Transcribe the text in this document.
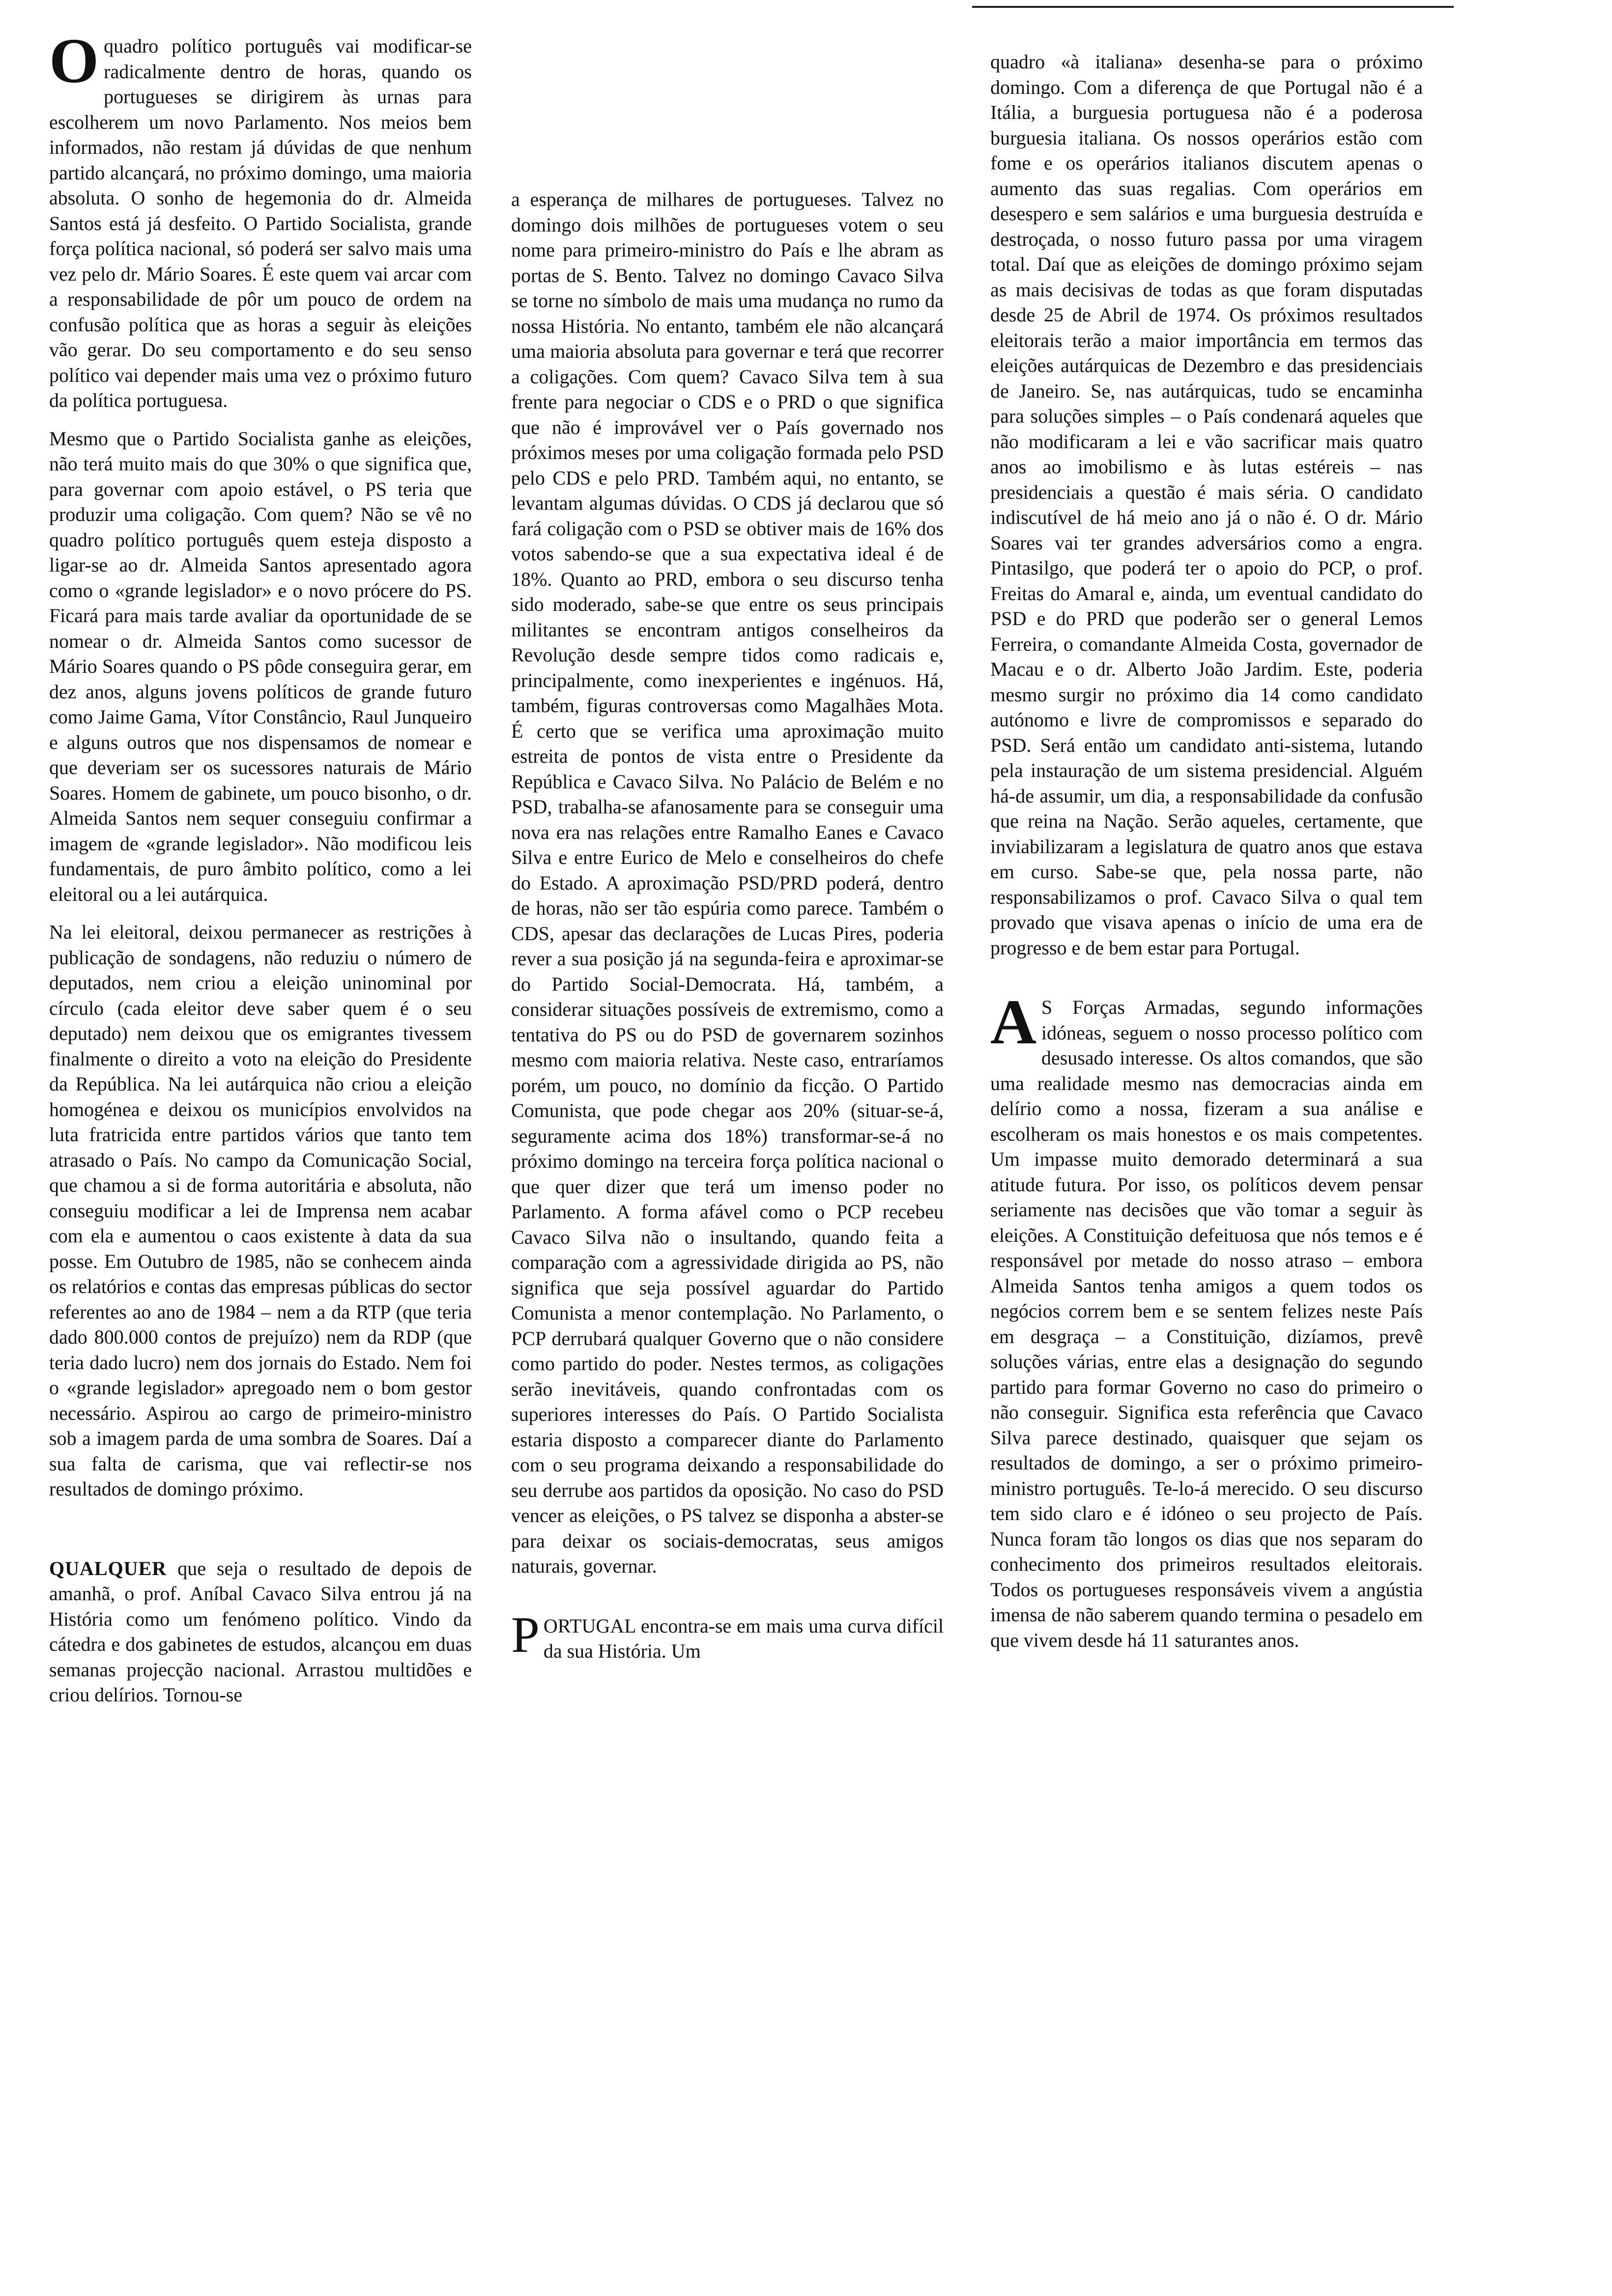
O quadro político português vai modificar-se radicalmente dentro de horas, quando os portugueses se dirigirem às urnas para escolherem um novo Parlamento. Nos meios bem informados, não restam já dúvidas de que nenhum partido alcançará, no próximo domingo, uma maioria absoluta. O sonho de hegemonia do dr. Almeida Santos está já desfeito. O Partido Socialista, grande força política nacional, só poderá ser salvo mais uma vez pelo dr. Mário Soares. É este quem vai arcar com a responsabilidade de pôr um pouco de ordem na confusão política que as horas a seguir às eleições vão gerar. Do seu comportamento e do seu senso político vai depender mais uma vez o próximo futuro da política portuguesa.

Mesmo que o Partido Socialista ganhe as eleições, não terá muito mais do que 30% o que significa que, para governar com apoio estável, o PS teria que produzir uma coligação. Com quem? Não se vê no quadro político português quem esteja disposto a ligar-se ao dr. Almeida Santos apresentado agora como o «grande legislador» e o novo prócere do PS. Ficará para mais tarde avaliar da oportunidade de se nomear o dr. Almeida Santos como sucessor de Mário Soares quando o PS pôde conseguira gerar, em dez anos, alguns jovens políticos de grande futuro como Jaime Gama, Vítor Constâncio, Raul Junqueiro e alguns outros que nos dispensamos de nomear e que deveriam ser os sucessores naturais de Mário Soares. Homem de gabinete, um pouco bisonho, o dr. Almeida Santos nem sequer conseguiu confirmar a imagem de «grande legislador». Não modificou leis fundamentais, de puro âmbito político, como a lei eleitoral ou a lei autárquica.

Na lei eleitoral, deixou permanecer as restrições à publicação de sondagens, não reduziu o número de deputados, nem criou a eleição uninominal por círculo (cada eleitor deve saber quem é o seu deputado) nem deixou que os emigrantes tivessem finalmente o direito a voto na eleição do Presidente da República. Na lei autárquica não criou a eleição homogénea e deixou os municípios envolvidos na luta fratricida entre partidos vários que tanto tem atrasado o País. No campo da Comunicação Social, que chamou a si de forma autoritária e absoluta, não conseguiu modificar a lei de Imprensa nem acabar com ela e aumentou o caos existente à data da sua posse. Em Outubro de 1985, não se conhecem ainda os relatórios e contas das empresas públicas do sector referentes ao ano de 1984 – nem a da RTP (que teria dado 800.000 contos de prejuízo) nem da RDP (que teria dado lucro) nem dos jornais do Estado. Nem foi o «grande legislador» apregoado nem o bom gestor necessário. Aspirou ao cargo de primeiro-ministro sob a imagem parda de uma sombra de Soares. Daí a sua falta de carisma, que vai reflectir-se nos resultados de domingo próximo.

QUALQUER que seja o resultado de depois de amanhã, o prof. Aníbal Cavaco Silva entrou já na História como um fenómeno político. Vindo da cátedra e dos gabinetes de estudos, alcançou em duas semanas projecção nacional. Arrastou multidões e criou delírios. Tornou-se

a esperança de milhares de portugueses. Talvez no domingo dois milhões de portugueses votem o seu nome para primeiro-ministro do País e lhe abram as portas de S. Bento. Talvez no domingo Cavaco Silva se torne no símbolo de mais uma mudança no rumo da nossa História. No entanto, também ele não alcançará uma maioria absoluta para governar e terá que recorrer a coligações. Com quem? Cavaco Silva tem à sua frente para negociar o CDS e o PRD o que significa que não é improvável ver o País governado nos próximos meses por uma coligação formada pelo PSD pelo CDS e pelo PRD. Também aqui, no entanto, se levantam algumas dúvidas. O CDS já declarou que só fará coligação com o PSD se obtiver mais de 16% dos votos sabendo-se que a sua expectativa ideal é de 18%. Quanto ao PRD, embora o seu discurso tenha sido moderado, sabe-se que entre os seus principais militantes se encontram antigos conselheiros da Revolução desde sempre tidos como radicais e, principalmente, como inexperientes e ingénuos. Há, também, figuras controversas como Magalhães Mota. É certo que se verifica uma aproximação muito estreita de pontos de vista entre o Presidente da República e Cavaco Silva. No Palácio de Belém e no PSD, trabalha-se afanosamente para se conseguir uma nova era nas relações entre Ramalho Eanes e Cavaco Silva e entre Eurico de Melo e conselheiros do chefe do Estado. A aproximação PSD/PRD poderá, dentro de horas, não ser tão espúria como parece. Também o CDS, apesar das declarações de Lucas Pires, poderia rever a sua posição já na segunda-feira e aproximar-se do Partido Social-Democrata. Há, também, a considerar situações possíveis de extremismo, como a tentativa do PS ou do PSD de governarem sozinhos mesmo com maioria relativa. Neste caso, entraríamos porém, um pouco, no domínio da ficção. O Partido Comunista, que pode chegar aos 20% (situar-se-á, seguramente acima dos 18%) transformar-se-á no próximo domingo na terceira força política nacional o que quer dizer que terá um imenso poder no Parlamento. A forma afável como o PCP recebeu Cavaco Silva não o insultando, quando feita a comparação com a agressividade dirigida ao PS, não significa que seja possível aguardar do Partido Comunista a menor contemplação. No Parlamento, o PCP derrubará qualquer Governo que o não considere como partido do poder. Nestes termos, as coligações serão inevitáveis, quando confrontadas com os superiores interesses do País. O Partido Socialista estaria disposto a comparecer diante do Parlamento com o seu programa deixando a responsabilidade do seu derrube aos partidos da oposição. No caso do PSD vencer as eleições, o PS talvez se disponha a abster-se para deixar os sociais-democratas, seus amigos naturais, governar.

P ORTUGAL encontra-se em mais uma curva difícil da sua História. Um

quadro «à italiana» desenha-se para o próximo domingo. Com a diferença de que Portugal não é a Itália, a burguesia portuguesa não é a poderosa burguesia italiana. Os nossos operários estão com fome e os operários italianos discutem apenas o aumento das suas regalias. Com operários em desespero e sem salários e uma burguesia destruída e destroçada, o nosso futuro passa por uma viragem total. Daí que as eleições de domingo próximo sejam as mais decisivas de todas as que foram disputadas desde 25 de Abril de 1974. Os próximos resultados eleitorais terão a maior importância em termos das eleições autárquicas de Dezembro e das presidenciais de Janeiro. Se, nas autárquicas, tudo se encaminha para soluções simples – o País condenará aqueles que não modificaram a lei e vão sacrificar mais quatro anos ao imobilismo e às lutas estéreis – nas presidenciais a questão é mais séria. O candidato indiscutível de há meio ano já o não é. O dr. Mário Soares vai ter grandes adversários como a engra. Pintasilgo, que poderá ter o apoio do PCP, o prof. Freitas do Amaral e, ainda, um eventual candidato do PSD e do PRD que poderão ser o general Lemos Ferreira, o comandante Almeida Costa, governador de Macau e o dr. Alberto João Jardim. Este, poderia mesmo surgir no próximo dia 14 como candidato autónomo e livre de compromissos e separado do PSD. Será então um candidato anti-sistema, lutando pela instauração de um sistema presidencial. Alguém há-de assumir, um dia, a responsabilidade da confusão que reina na Nação. Serão aqueles, certamente, que inviabilizaram a legislatura de quatro anos que estava em curso. Sabe-se que, pela nossa parte, não responsabilizamos o prof. Cavaco Silva o qual tem provado que visava apenas o início de uma era de progresso e de bem estar para Portugal.

A S Forças Armadas, segundo informações idóneas, seguem o nosso processo político com desusado interesse. Os altos comandos, que são uma realidade mesmo nas democracias ainda em delírio como a nossa, fizeram a sua análise e escolheram os mais honestos e os mais competentes. Um impasse muito demorado determinará a sua atitude futura. Por isso, os políticos devem pensar seriamente nas decisões que vão tomar a seguir às eleições. A Constituição defeituosa que nós temos e é responsável por metade do nosso atraso – embora Almeida Santos tenha amigos a quem todos os negócios correm bem e se sentem felizes neste País em desgraça – a Constituição, dizíamos, prevê soluções várias, entre elas a designação do segundo partido para formar Governo no caso do primeiro o não conseguir. Significa esta referência que Cavaco Silva parece destinado, quaisquer que sejam os resultados de domingo, a ser o próximo primeiro-ministro português. Te-lo-á merecido. O seu discurso tem sido claro e é idóneo o seu projecto de País. Nunca foram tão longos os dias que nos separam do conhecimento dos primeiros resultados eleitorais. Todos os portugueses responsáveis vivem a angústia imensa de não saberem quando termina o pesadelo em que vivem desde há 11 saturantes anos.
